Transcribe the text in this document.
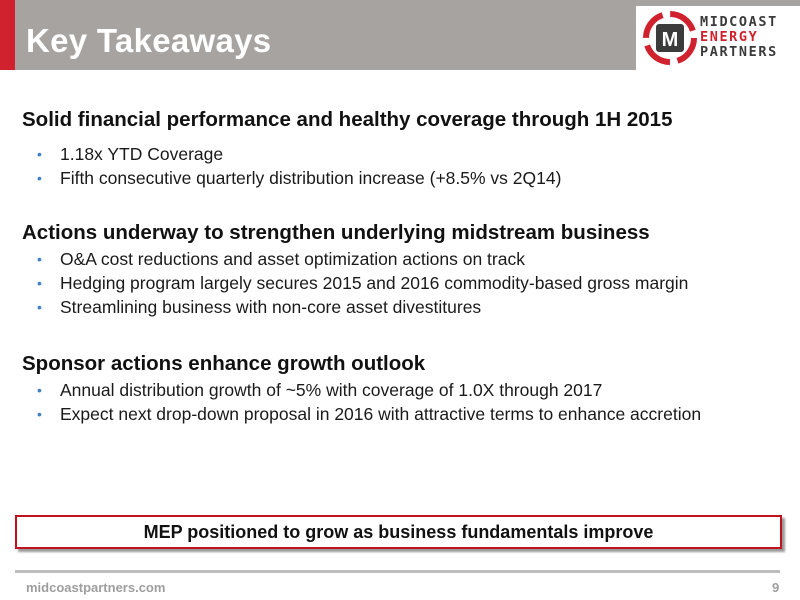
Key Takeaways	M
MIDCOAST
ENERGY
PARTNERS
Solid financial performance and healthy coverage through 1H 2015
• 1.18x YTD Coverage
• Fifth consecutive quarterly distribution increase (+8.5% vs 2Q14)
Actions underway to strengthen underlying midstream business
• O&A cost reductions and asset optimization actions on track
• Hedging program largely secures 2015 and 2016 commodity-based gross margin
• Streamlining business with non-core asset divestitures
Sponsor actions enhance growth outlook
• Annual distribution growth of ~5% with coverage of 1.0X through 2017
• Expect next drop-down proposal in 2016 with attractive terms to enhance accretion
MEP positioned to grow as business fundamentals improve
midcoastpartners.com	9
